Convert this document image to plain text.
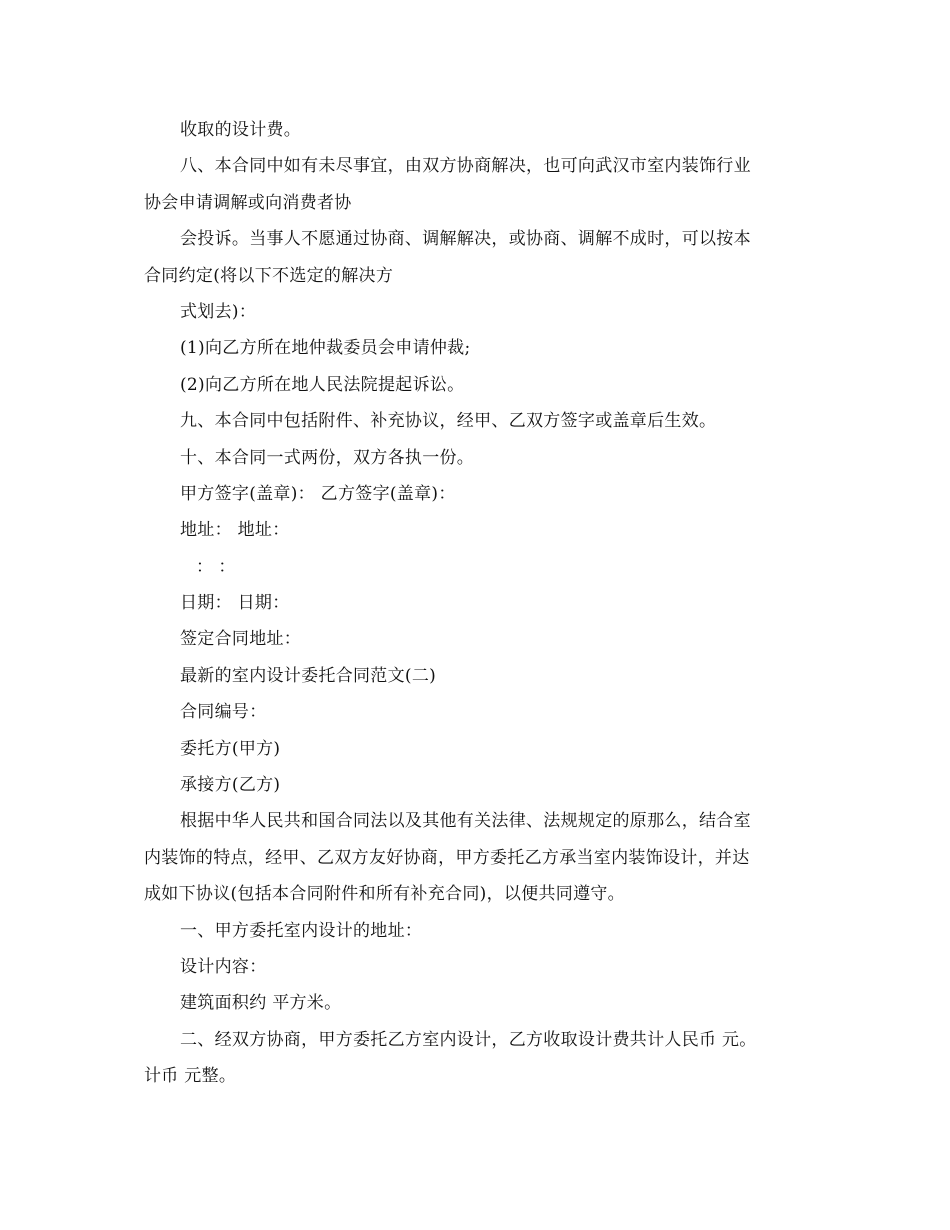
收取的设计费。
八、本合同中如有未尽事宜，由双方协商解决，也可向武汉市室内装饰行业
协会申请调解或向消费者协
会投诉。当事人不愿通过协商、调解解决，或协商、调解不成时，可以按本
合同约定(将以下不选定的解决方
式划去)：
(1)向乙方所在地仲裁委员会申请仲裁;
(2)向乙方所在地人民法院提起诉讼。
九、本合同中包括附件、补充协议，经甲、乙双方签字或盖章后生效。
十、本合同一式两份，双方各执一份。
甲方签字(盖章)： 乙方签字(盖章)：
地址： 地址：
： ：
日期： 日期：
签定合同地址：
最新的室内设计委托合同范文(二)
合同编号：
委托方(甲方)
承接方(乙方)
根据中华人民共和国合同法以及其他有关法律、法规规定的原那么，结合室
内装饰的特点，经甲、乙双方友好协商，甲方委托乙方承当室内装饰设计，并达
成如下协议(包括本合同附件和所有补充合同)，以便共同遵守。
一、甲方委托室内设计的地址：
设计内容：
建筑面积约 平方米。
二、经双方协商，甲方委托乙方室内设计，乙方收取设计费共计人民币 元。
计币 元整。
